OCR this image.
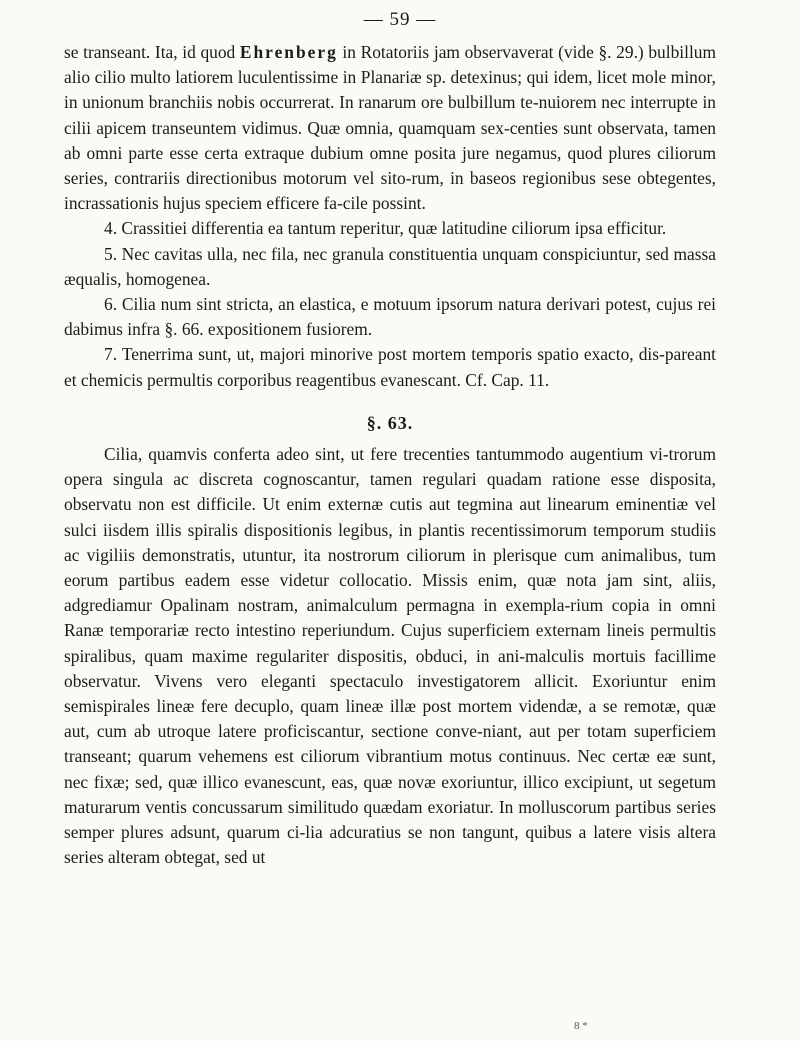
— 59 —

se transeant. Ita, id quod Ehrenberg in Rotatoriis jam observaverat (vide §. 29.) bulbillum alio cilio multo latiorem luculentissime in Planariæ sp. detexinus; qui idem, licet mole minor, in unionum branchiis nobis occurrerat. In ranarum ore bulbillum te-nuiorem nec interrupte in cilii apicem transeuntem vidimus. Quæ omnia, quamquam sex-centies sunt observata, tamen ab omni parte esse certa extraque dubium omne posita jure negamus, quod plures ciliorum series, contrariis directionibus motorum vel sito-rum, in baseos regionibus sese obtegentes, incrassationis hujus speciem efficere fa-cile possint.

4. Crassitiei differentia ea tantum reperitur, quæ latitudine ciliorum ipsa efficitur.

5. Nec cavitas ulla, nec fila, nec granula constituentia unquam conspiciuntur, sed massa æqualis, homogenea.

6. Cilia num sint stricta, an elastica, e motuum ipsorum natura derivari potest, cujus rei dabimus infra §. 66. expositionem fusiorem.

7. Tenerrima sunt, ut, majori minorive post mortem temporis spatio exacto, dis-pareant et chemicis permultis corporibus reagentibus evanescant. Cf. Cap. 11.

§. 63.

Cilia, quamvis conferta adeo sint, ut fere trecenties tantummodo augentium vi-trorum opera singula ac discreta cognoscantur, tamen regulari quadam ratione esse disposita, observatu non est difficile. Ut enim externæ cutis aut tegmina aut linearum eminentiæ vel sulci iisdem illis spiralis dispositionis legibus, in plantis recentissimorum temporum studiis ac vigiliis demonstratis, utuntur, ita nostrorum ciliorum in plerisque cum animalibus, tum eorum partibus eadem esse videtur collocatio. Missis enim, quæ nota jam sint, aliis, adgrediamur Opalinam nostram, animalculum permagna in exempla-rium copia in omni Ranæ temporariæ recto intestino reperiundum. Cujus superficiem externam lineis permultis spiralibus, quam maxime regulariter dispositis, obduci, in ani-malculis mortuis facillime observatur. Vivens vero eleganti spectaculo investigatorem allicit. Exoriuntur enim semispirales lineæ fere decuplo, quam lineæ illæ post mortem videndæ, a se remotæ, quæ aut, cum ab utroque latere proficiscantur, sectione conve-niant, aut per totam superficiem transeant; quarum vehemens est ciliorum vibrantium motus continuus. Nec certæ eæ sunt, nec fixæ; sed, quæ illico evanescunt, eas, quæ novæ exoriuntur, illico excipiunt, ut segetum maturarum ventis concussarum similitudo quædam exoriatur. In molluscorum partibus series semper plures adsunt, quarum ci-lia adcuratius se non tangunt, quibus a latere visis altera series alteram obtegat, sed ut

8 *
